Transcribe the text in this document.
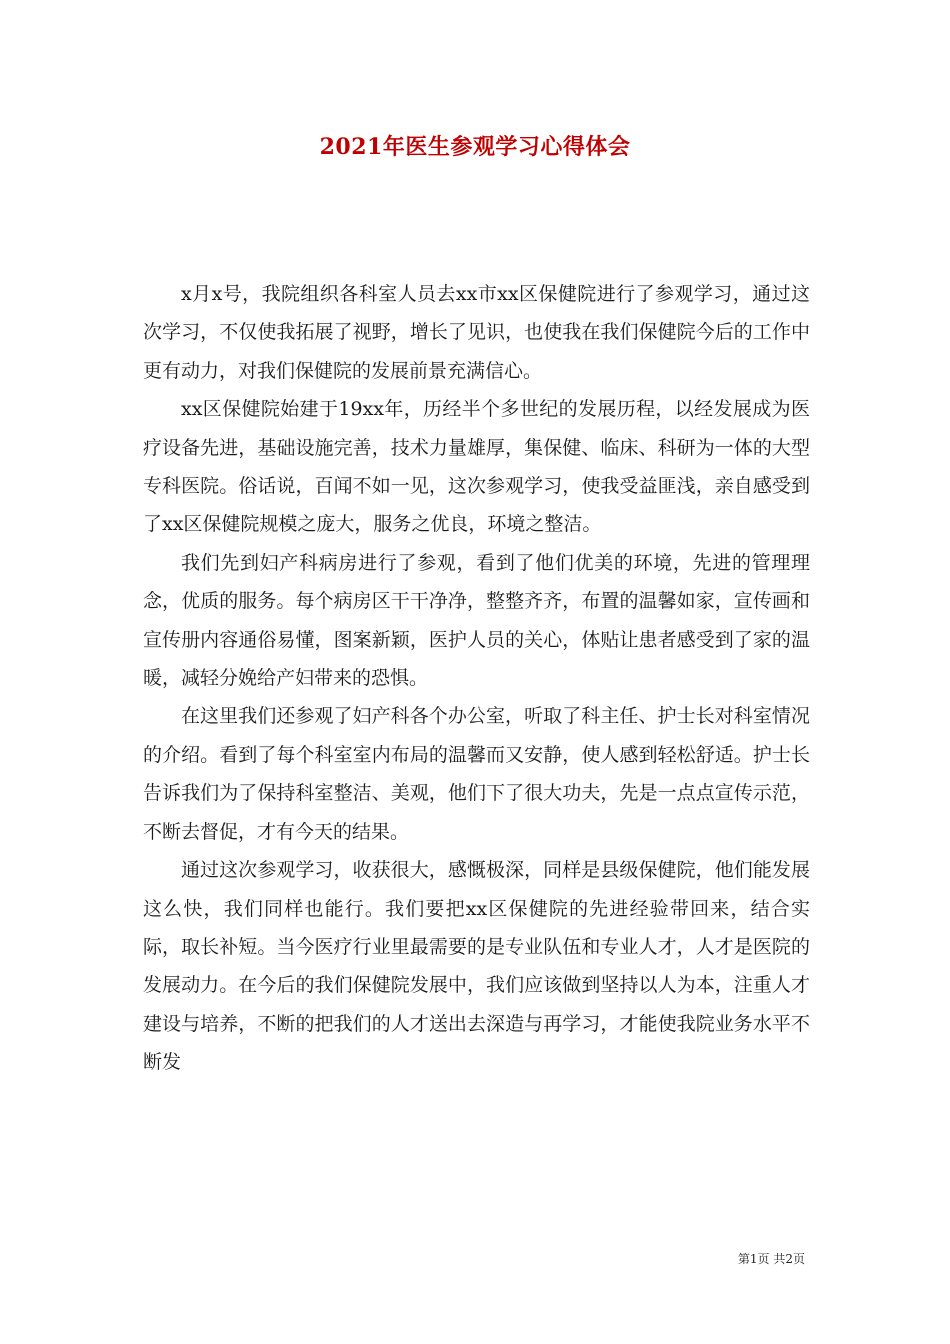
2021年医生参观学习心得体会

x月x号，我院组织各科室人员去xx市xx区保健院进行了参观学习，通过这次学习，不仅使我拓展了视野，增长了见识，也使我在我们保健院今后的工作中更有动力，对我们保健院的发展前景充满信心。

xx区保健院始建于19xx年，历经半个多世纪的发展历程，以经发展成为医疗设备先进，基础设施完善，技术力量雄厚，集保健、临床、科研为一体的大型专科医院。俗话说，百闻不如一见，这次参观学习，使我受益匪浅，亲自感受到了xx区保健院规模之庞大，服务之优良，环境之整洁。

我们先到妇产科病房进行了参观，看到了他们优美的环境，先进的管理理念，优质的服务。每个病房区干干净净，整整齐齐，布置的温馨如家，宣传画和宣传册内容通俗易懂，图案新颖，医护人员的关心，体贴让患者感受到了家的温暖，减轻分娩给产妇带来的恐惧。

在这里我们还参观了妇产科各个办公室，听取了科主任、护士长对科室情况的介绍。看到了每个科室室内布局的温馨而又安静，使人感到轻松舒适。护士长告诉我们为了保持科室整洁、美观，他们下了很大功夫，先是一点点宣传示范，不断去督促，才有今天的结果。

通过这次参观学习，收获很大，感慨极深，同样是县级保健院，他们能发展这么快，我们同样也能行。我们要把xx区保健院的先进经验带回来，结合实际，取长补短。当今医疗行业里最需要的是专业队伍和专业人才，人才是医院的发展动力。在今后的我们保健院发展中，我们应该做到坚持以人为本，注重人才建设与培养，不断的把我们的人才送出去深造与再学习，才能使我院业务水平不断发

第1页 共2页
